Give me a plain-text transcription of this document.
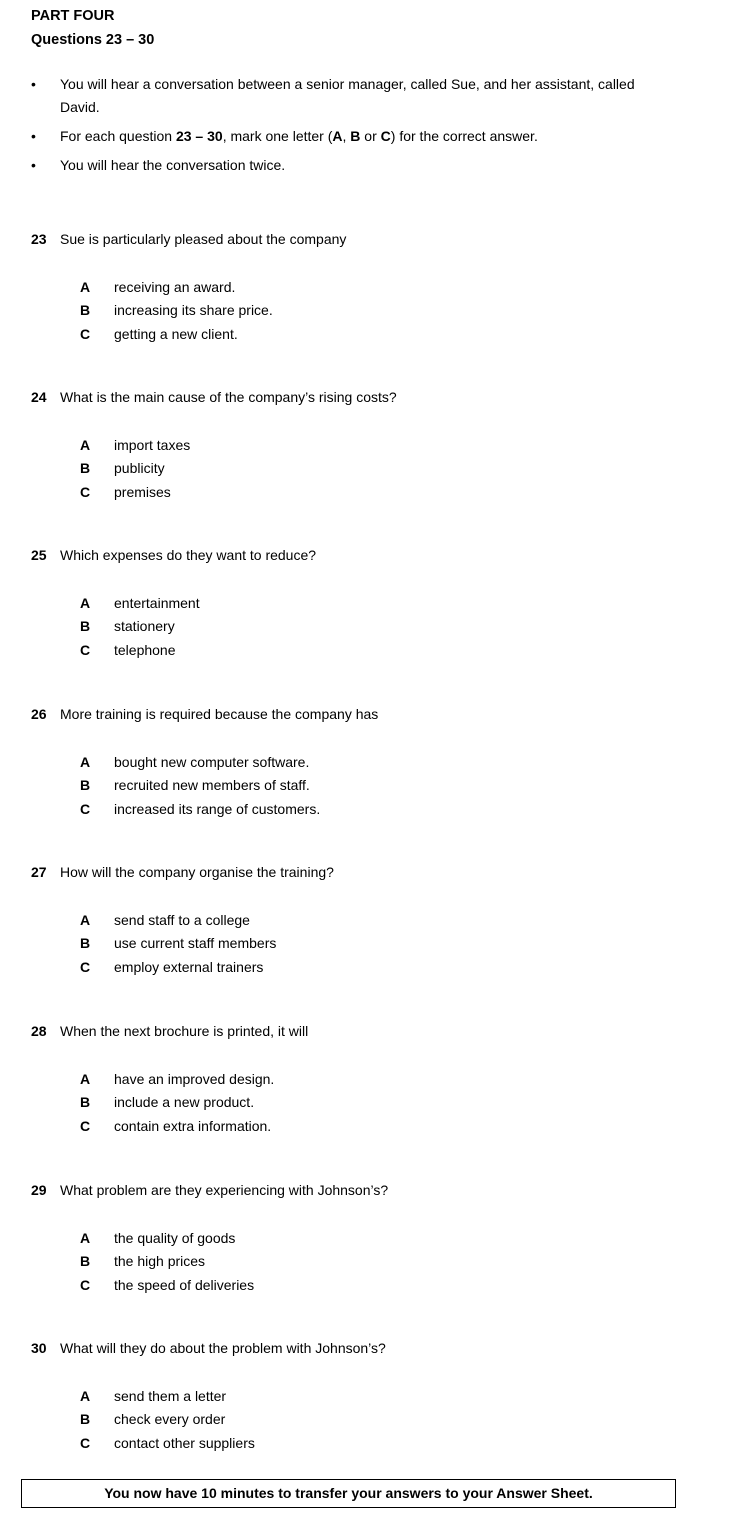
PART FOUR
Questions 23 – 30
• You will hear a conversation between a senior manager, called Sue, and her assistant, called David.
• For each question 23 – 30, mark one letter (A, B or C) for the correct answer.
• You will hear the conversation twice.
23 Sue is particularly pleased about the company
A receiving an award.
B increasing its share price.
C getting a new client.
24 What is the main cause of the company’s rising costs?
A import taxes
B publicity
C premises
25 Which expenses do they want to reduce?
A entertainment
B stationery
C telephone
26 More training is required because the company has
A bought new computer software.
B recruited new members of staff.
C increased its range of customers.
27 How will the company organise the training?
A send staff to a college
B use current staff members
C employ external trainers
28 When the next brochure is printed, it will
A have an improved design.
B include a new product.
C contain extra information.
29 What problem are they experiencing with Johnson’s?
A the quality of goods
B the high prices
C the speed of deliveries
30 What will they do about the problem with Johnson’s?
A send them a letter
B check every order
C contact other suppliers
You now have 10 minutes to transfer your answers to your Answer Sheet.
